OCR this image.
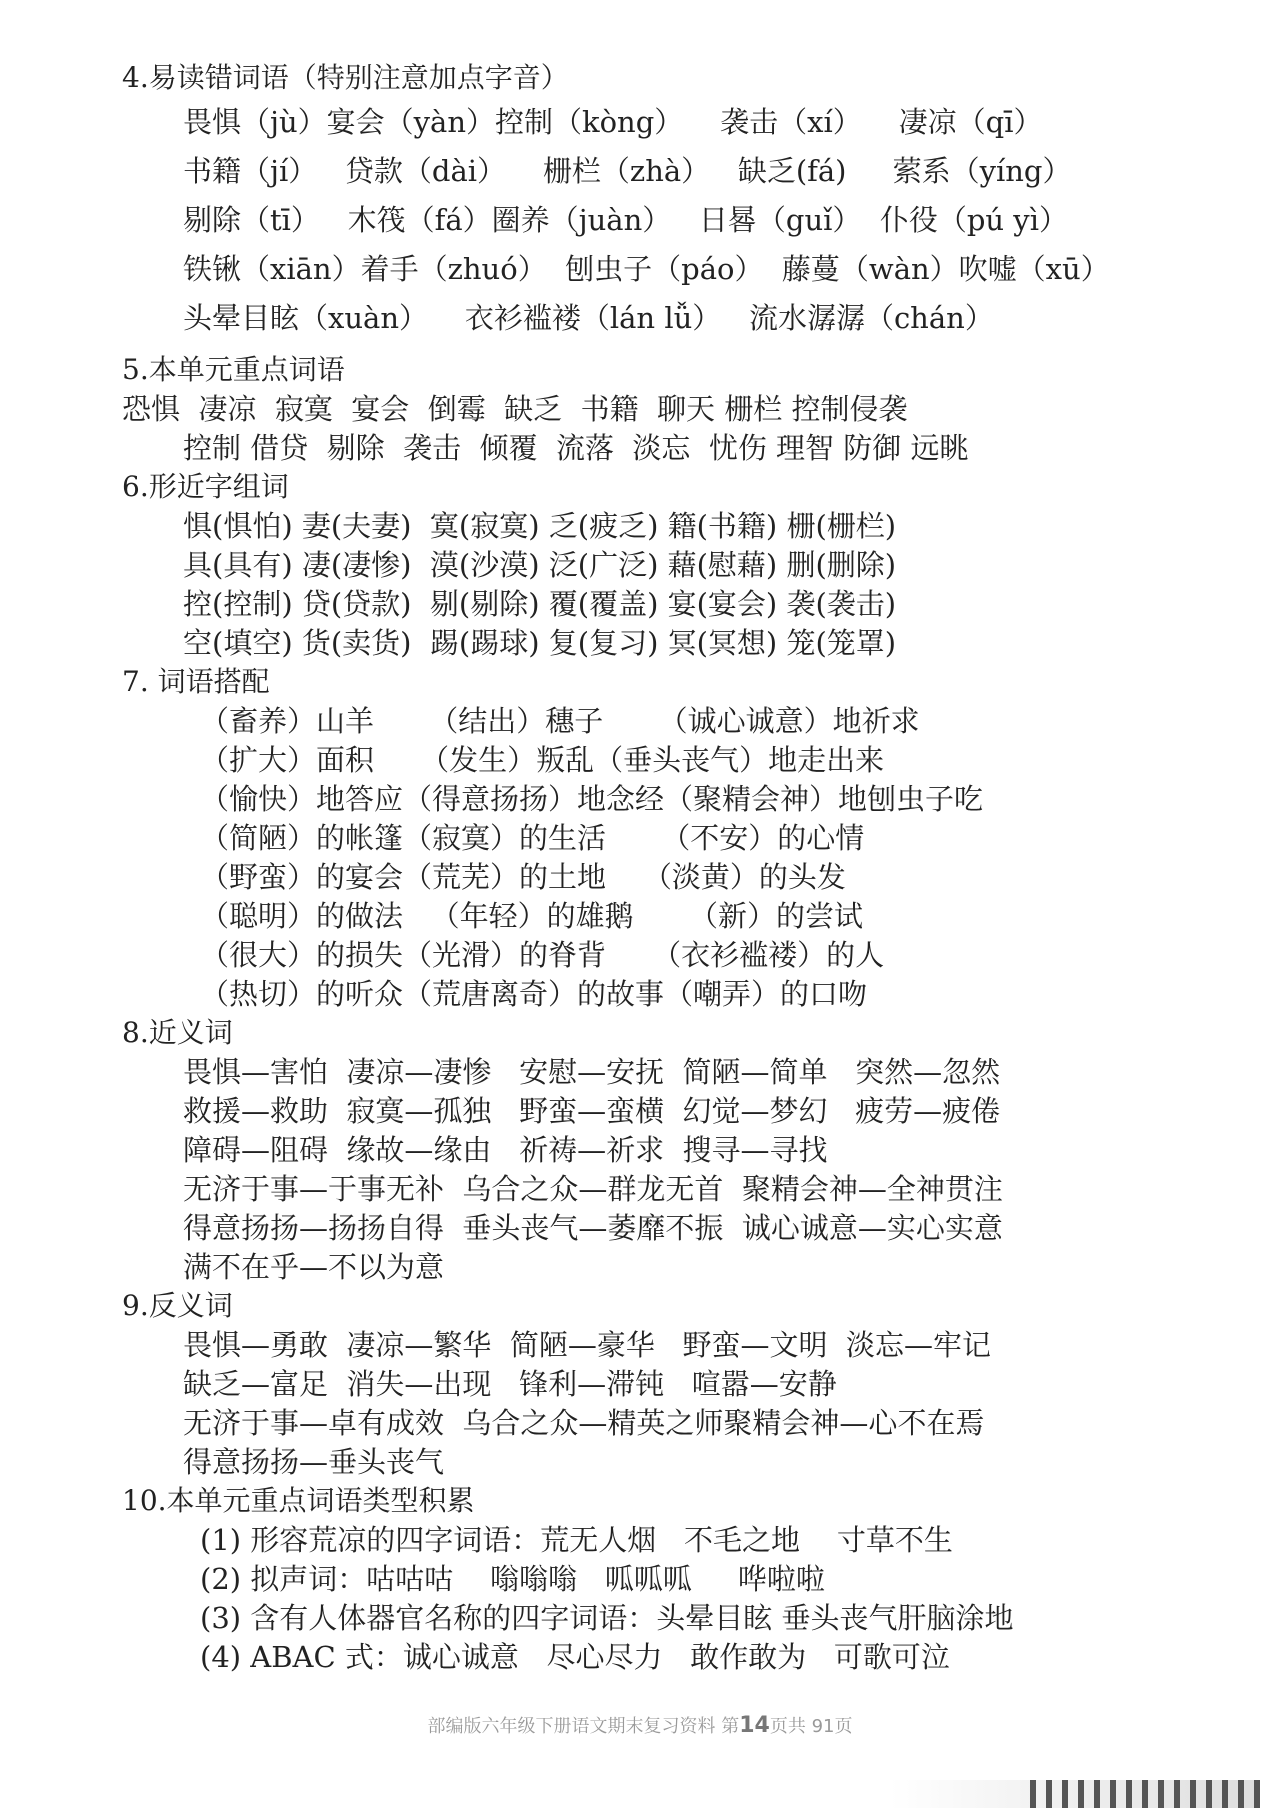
部编版六年级下册语文期末复习资料 第14页共 91页
4.易读错词语（特别注意加点字音）
畏惧（jù）宴会（yàn）控制（kòng）    袭击（xí）    凄凉（qī）
书籍（jí）   贷款（dài）    栅栏（zhà）   缺乏(fá)     萦系（yíng）
剔除（tī）   木筏（fá）圈养（juàn）   日晷（guǐ）  仆役（pú yì）
铁锹（xiān）着手（zhuó）  刨虫子（páo）  藤蔓（wàn）吹嘘（xū）
头晕目眩（xuàn）    衣衫褴褛（lán lǚ）   流水潺潺（chán）
5.本单元重点词语
恐惧  凄凉  寂寞  宴会  倒霉  缺乏  书籍  聊天 栅栏 控制侵袭
控制 借贷  剔除  袭击  倾覆  流落  淡忘  忧伤 理智 防御 远眺
6.形近字组词
惧(惧怕) 妻(夫妻)  寞(寂寞) 乏(疲乏) 籍(书籍) 栅(栅栏)
具(具有) 凄(凄惨)  漠(沙漠) 泛(广泛) 藉(慰藉) 删(删除)
控(控制) 贷(贷款)  剔(剔除) 覆(覆盖) 宴(宴会) 袭(袭击)
空(填空) 货(卖货)  踢(踢球) 复(复习) 冥(冥想) 笼(笼罩)
7. 词语搭配
（畜养）山羊      （结出）穗子      （诚心诚意）地祈求
（扩大）面积     （发生）叛乱（垂头丧气）地走出来
（愉快）地答应（得意扬扬）地念经（聚精会神）地刨虫子吃
（简陋）的帐篷（寂寞）的生活      （不安）的心情
（野蛮）的宴会（荒芜）的土地    （淡黄）的头发
（聪明）的做法   （年轻）的雄鹅      （新）的尝试
（很大）的损失（光滑）的脊背     （衣衫褴褛）的人
（热切）的听众（荒唐离奇）的故事（嘲弄）的口吻
8.近义词
畏惧—害怕  凄凉—凄惨   安慰—安抚  简陋—简单   突然—忽然
救援—救助  寂寞—孤独   野蛮—蛮横  幻觉—梦幻   疲劳—疲倦
障碍—阻碍  缘故—缘由   祈祷—祈求  搜寻—寻找
无济于事—于事无补  乌合之众—群龙无首  聚精会神—全神贯注
得意扬扬—扬扬自得  垂头丧气—萎靡不振  诚心诚意—实心实意
满不在乎—不以为意
9.反义词
畏惧—勇敢  凄凉—繁华  简陋—豪华   野蛮—文明  淡忘—牢记
缺乏—富足  消失—出现   锋利—滞钝   喧嚣—安静
无济于事—卓有成效  乌合之众—精英之师聚精会神—心不在焉
得意扬扬—垂头丧气
10.本单元重点词语类型积累
(1) 形容荒凉的四字词语：荒无人烟   不毛之地    寸草不生
(2) 拟声词：咕咕咕    嗡嗡嗡   呱呱呱     哗啦啦
(3) 含有人体器官名称的四字词语：头晕目眩 垂头丧气肝脑涂地
(4) ABAC 式：诚心诚意   尽心尽力   敢作敢为   可歌可泣
